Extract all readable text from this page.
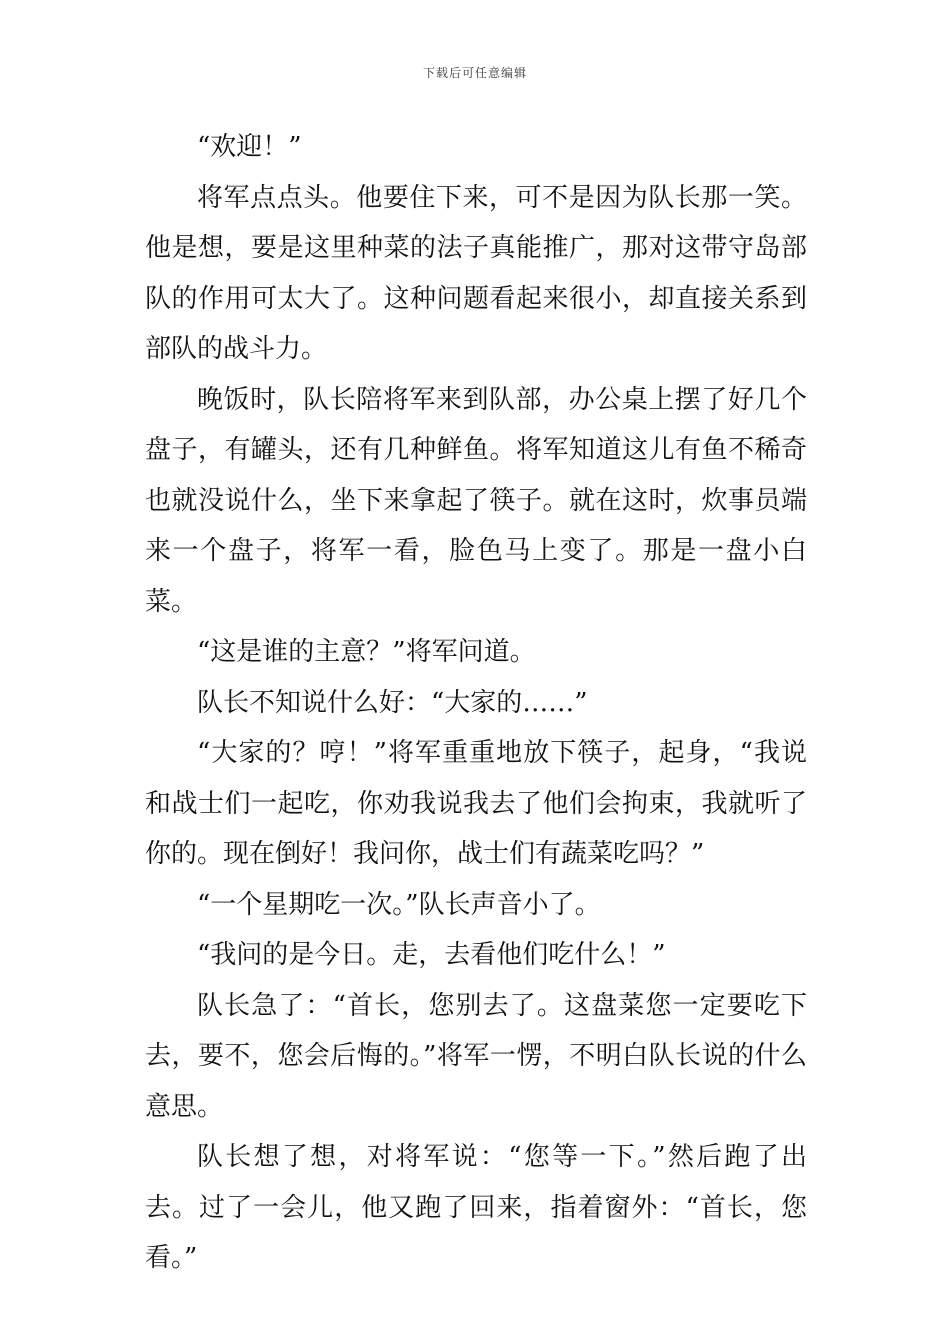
下载后可任意编辑

“欢迎！”

将军点点头。他要住下来，可不是因为队长那一笑。他是想，要是这里种菜的法子真能推广，那对这带守岛部队的作用可太大了。这种问题看起来很小，却直接关系到部队的战斗力。

晚饭时，队长陪将军来到队部，办公桌上摆了好几个盘子，有罐头，还有几种鲜鱼。将军知道这儿有鱼不稀奇也就没说什么，坐下来拿起了筷子。就在这时，炊事员端来一个盘子，将军一看，脸色马上变了。那是一盘小白菜。

“这是谁的主意？”将军问道。

队长不知说什么好：“大家的……”

“大家的？哼！”将军重重地放下筷子，起身，“我说和战士们一起吃，你劝我说我去了他们会拘束，我就听了你的。现在倒好！我问你，战士们有蔬菜吃吗？”

“一个星期吃一次。”队长声音小了。

“我问的是今日。走，去看他们吃什么！”

队长急了：“首长，您别去了。这盘菜您一定要吃下去，要不，您会后悔的。”将军一愣，不明白队长说的什么意思。

队长想了想，对将军说：“您等一下。”然后跑了出去。过了一会儿，他又跑了回来，指着窗外：“首长，您看。”
